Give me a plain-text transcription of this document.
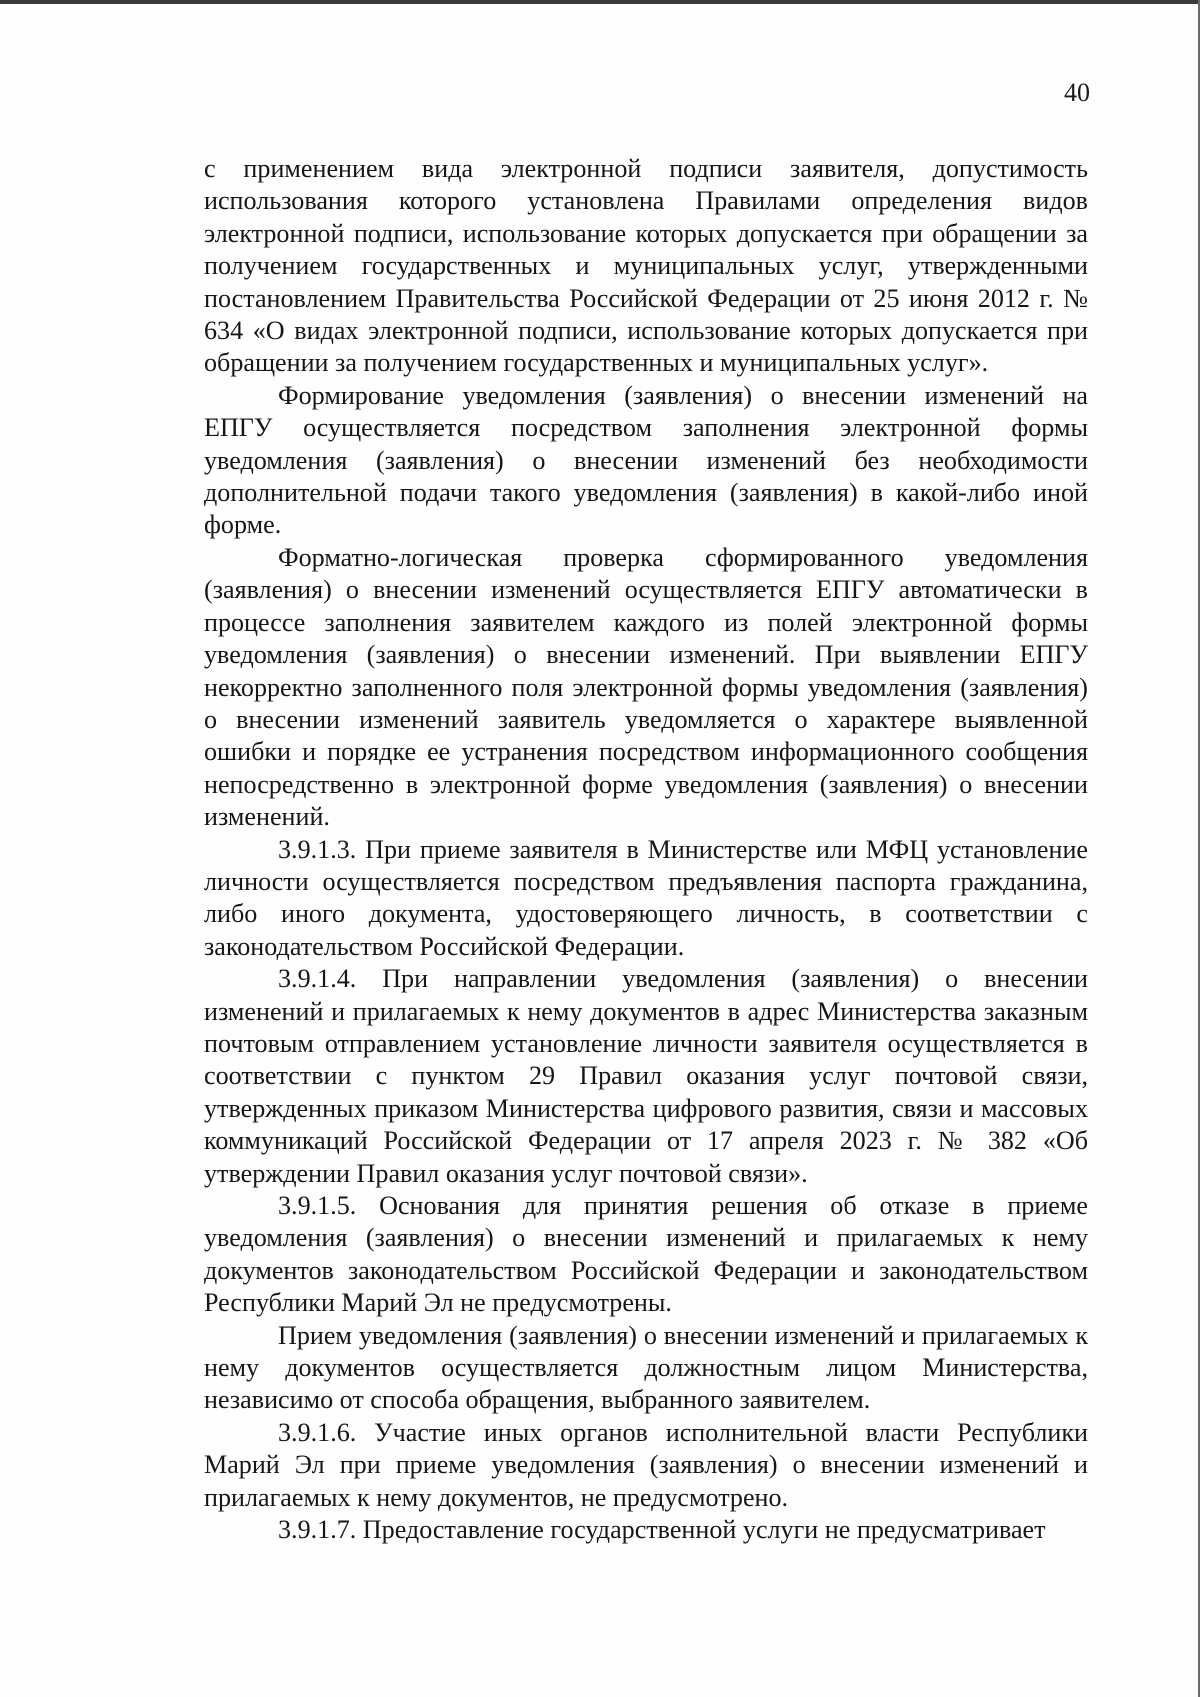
40

с применением вида электронной подписи заявителя, допустимость использования которого установлена Правилами определения видов электронной подписи, использование которых допускается при обращении за получением государственных и муниципальных услуг, утвержденными постановлением Правительства Российской Федерации от 25 июня 2012 г. № 634 «О видах электронной подписи, использование которых допускается при обращении за получением государственных и муниципальных услуг».

Формирование уведомления (заявления) о внесении изменений на ЕПГУ осуществляется посредством заполнения электронной формы уведомления (заявления) о внесении изменений без необходимости дополнительной подачи такого уведомления (заявления) в какой-либо иной форме.

Форматно-логическая проверка сформированного уведомления (заявления) о внесении изменений осуществляется ЕПГУ автоматически в процессе заполнения заявителем каждого из полей электронной формы уведомления (заявления) о внесении изменений. При выявлении ЕПГУ некорректно заполненного поля электронной формы уведомления (заявления) о внесении изменений заявитель уведомляется о характере выявленной ошибки и порядке ее устранения посредством информационного сообщения непосредственно в электронной форме уведомления (заявления) о внесении изменений.

3.9.1.3. При приеме заявителя в Министерстве или МФЦ установление личности осуществляется посредством предъявления паспорта гражданина, либо иного документа, удостоверяющего личность, в соответствии с законодательством Российской Федерации.

3.9.1.4. При направлении уведомления (заявления) о внесении изменений и прилагаемых к нему документов в адрес Министерства заказным почтовым отправлением установление личности заявителя осуществляется в соответствии с пунктом 29 Правил оказания услуг почтовой связи, утвержденных приказом Министерства цифрового развития, связи и массовых коммуникаций Российской Федерации от 17 апреля 2023 г. № 382 «Об утверждении Правил оказания услуг почтовой связи».

3.9.1.5. Основания для принятия решения об отказе в приеме уведомления (заявления) о внесении изменений и прилагаемых к нему документов законодательством Российской Федерации и законодательством Республики Марий Эл не предусмотрены.

Прием уведомления (заявления) о внесении изменений и прилагаемых к нему документов осуществляется должностным лицом Министерства, независимо от способа обращения, выбранного заявителем.

3.9.1.6. Участие иных органов исполнительной власти Республики Марий Эл при приеме уведомления (заявления) о внесении изменений и прилагаемых к нему документов, не предусмотрено.

3.9.1.7. Предоставление государственной услуги не предусматривает
